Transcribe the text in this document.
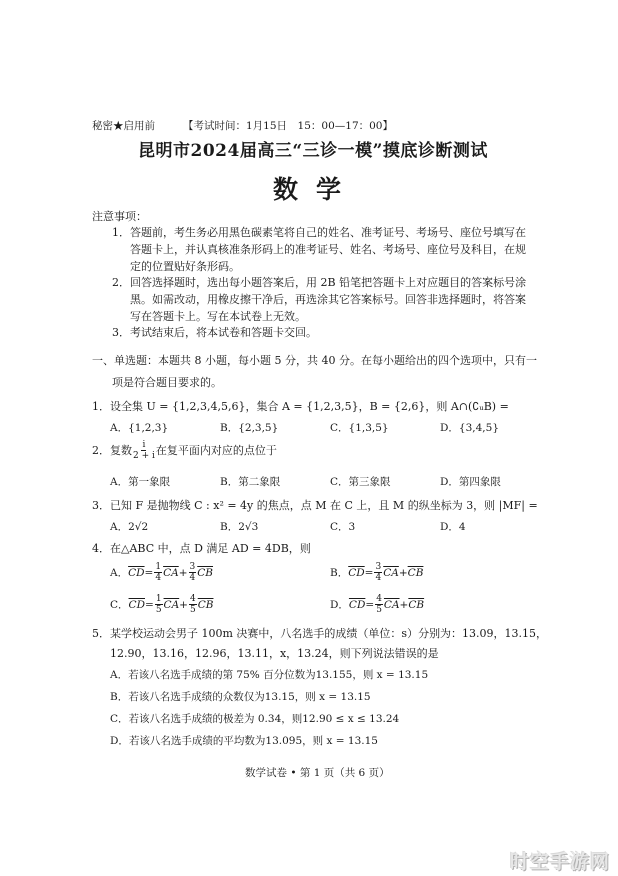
秘密★启用前	【考试时间：1月15日　15：00—17：00】
昆明市2024届高三“三诊一模”摸底诊断测试
数学
注意事项：
1．答题前，考生务必用黑色碳素笔将自己的姓名、准考证号、考场号、座位号填写在
答题卡上，并认真核准条形码上的准考证号、姓名、考场号、座位号及科目，在规
定的位置贴好条形码。
2．回答选择题时，选出每小题答案后，用 2B 铅笔把答题卡上对应题目的答案标号涂
黑。如需改动，用橡皮擦干净后，再选涂其它答案标号。回答非选择题时，将答案
写在答题卡上。写在本试卷上无效。
3．考试结束后，将本试卷和答题卡交回。
一、单选题：本题共 8 小题，每小题 5 分，共 40 分。在每小题给出的四个选项中，只有一
项是符合题目要求的。
1．设全集 U = {1,2,3,4,5,6}，集合 A = {1,2,3,5}，B = {2,6}，则 A∩(∁ᵤB) =
A．{1,2,3}	B．{2,3,5}	C．{1,3,5}	D．{3,4,5}
2． 复数 $\frac{i}{2 + i}$ 在复平面内对应的点位于
A．第一象限	B．第二象限	C．第三象限	D．第四象限
3．已知 F 是抛物线 C : x² = 4y 的焦点，点 M 在 C 上，且 M 的纵坐标为 3，则 |MF| =
A．2√2	B．2√3	C．3	D．4
4．在△ABC 中，点 D 满足 AD = 4DB，则
A． $\overline{CD} = \frac{1}{4} \overline{CA} + \frac{3}{4} \overline{CB}$	B． $\overline{CD} = \frac{3}{4} \overline{CA} + \overline{CB}$
C． $\overline{CD} = \frac{1}{5} \overline{CA} + \frac{4}{5} \overline{CB}$	D． $\overline{CD} = \frac{4}{5} \overline{CA} + \overline{CB}$
5．某学校运动会男子 100m 决赛中，八名选手的成绩（单位：s）分别为：13.09，13.15，
12.90，13.16，12.96，13.11，x，13.24，则下列说法错误的是
A．若该八名选手成绩的第 75% 百分位数为13.155，则 x = 13.15
B．若该八名选手成绩的众数仅为13.15，则 x = 13.15
C．若该八名选手成绩的极差为 0.34，则12.90 ≤ x ≤ 13.24
D．若该八名选手成绩的平均数为13.095，则 x = 13.15
数学试卷 • 第 1 页（共 6 页）
时空手游网
